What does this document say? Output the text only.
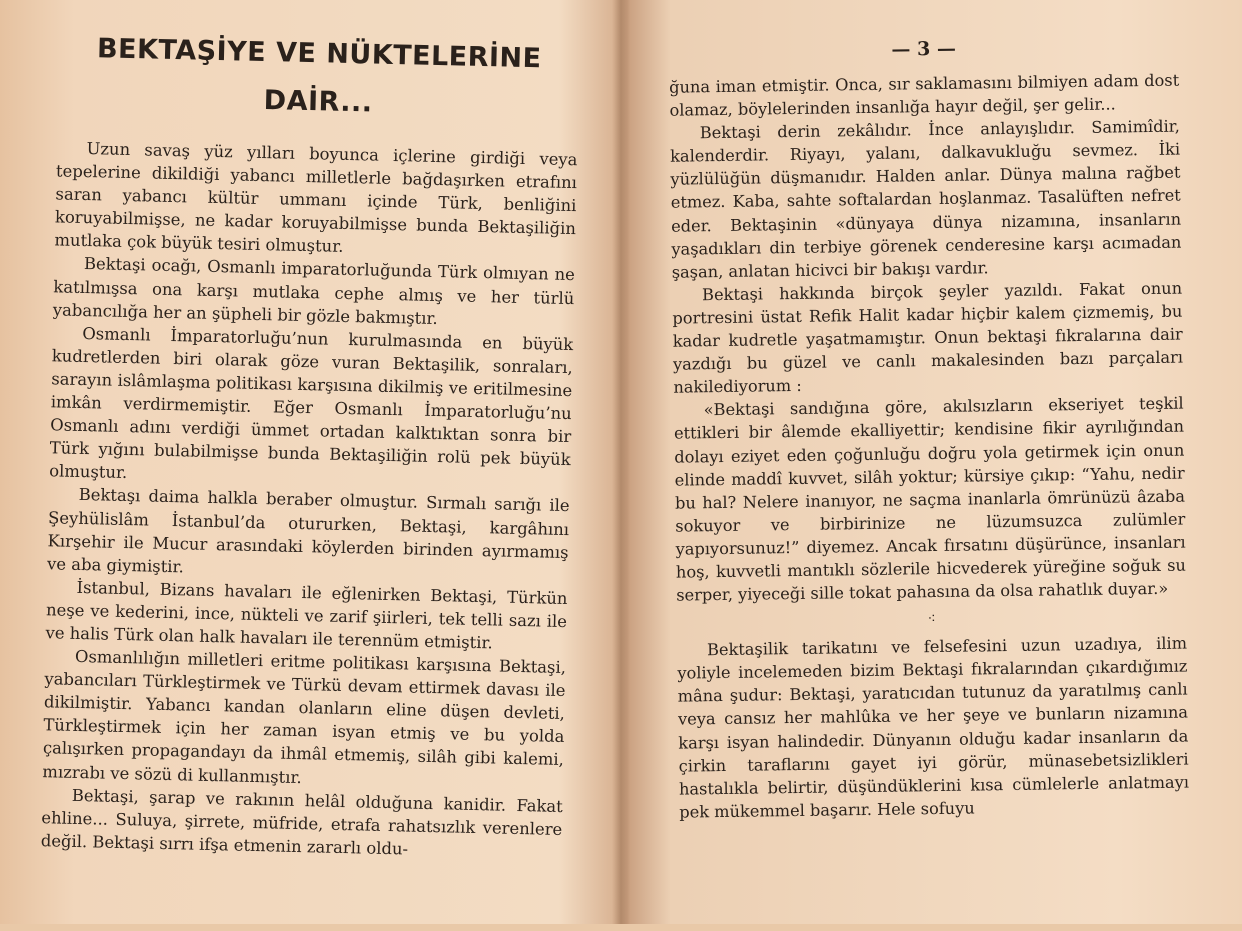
BEKTAŞİYE VE NÜKTELERİNE
DAİR...

Uzun savaş yüz yılları boyunca içlerine girdiği veya tepelerine dikildiği yabancı milletlerle bağdaşırken etrafını saran yabancı kültür ummanı içinde Türk, benliğini koruyabilmişse, ne kadar koruyabilmişse bunda Bektaşiliğin mutlaka çok büyük tesiri olmuştur.

Bektaşi ocağı, Osmanlı imparatorluğunda Türk olmıyan ne katılmışsa ona karşı mutlaka cephe almış ve her türlü yabancılığa her an şüpheli bir gözle bakmıştır.

Osmanlı İmparatorluğu’nun kurulmasında en büyük kudretlerden biri olarak göze vuran Bektaşilik, sonraları, sarayın islâmlaşma politikası karşısına dikilmiş ve eritilmesine imkân verdirmemiştir. Eğer Osmanlı İmparatorluğu’nu Osmanlı adını verdiği ümmet ortadan kalktıktan sonra bir Türk yığını bulabilmişse bunda Bektaşiliğin rolü pek büyük olmuştur.

Bektaşı daima halkla beraber olmuştur. Sırmalı sarığı ile Şeyhülislâm İstanbul’da otururken, Bektaşi, kargâhını Kırşehir ile Mucur arasındaki köylerden birinden ayırmamış ve aba giymiştir.

İstanbul, Bizans havaları ile eğlenirken Bektaşi, Türkün neşe ve kederini, ince, nükteli ve zarif şiirleri, tek telli sazı ile ve halis Türk olan halk havaları ile terennüm etmiştir.

Osmanlılığın milletleri eritme politikası karşısına Bektaşi, yabancıları Türkleştirmek ve Türkü devam ettirmek davası ile dikilmiştir. Yabancı kandan olanların eline düşen devleti, Türkleştirmek için her zaman isyan etmiş ve bu yolda çalışırken propagandayı da ihmâl etmemiş, silâh gibi kalemi, mızrabı ve sözü di kullanmıştır.

Bektaşi, şarap ve rakının helâl olduğuna kanidir. Fakat ehline... Suluya, şirrete, müfride, etrafa rahatsızlık verenlere değil. Bektaşi sırrı ifşa etmenin zararlı oldu-

— 3 —

ğuna iman etmiştir. Onca, sır saklamasını bilmiyen adam dost olamaz, böylelerinden insanlığa hayır değil, şer gelir...

Bektaşi derin zekâlıdır. İnce anlayışlıdır. Samimîdir, kalenderdir. Riyayı, yalanı, dalkavukluğu sevmez. İki yüzlülüğün düşmanıdır. Halden anlar. Dünya malına rağbet etmez. Kaba, sahte softalardan hoşlanmaz. Tasalüften nefret eder. Bektaşinin «dünyaya dünya nizamına, insanların yaşadıkları din terbiye görenek cenderesine karşı acımadan şaşan, anlatan hicivci bir bakışı vardır.

Bektaşi hakkında birçok şeyler yazıldı. Fakat onun portresini üstat Refik Halit kadar hiçbir kalem çizmemiş, bu kadar kudretle yaşatmamıştır. Onun bektaşi fıkralarına dair yazdığı bu güzel ve canlı makalesinden bazı parçaları nakilediyorum :

«Bektaşi sandığına göre, akılsızların ekseriyet teşkil ettikleri bir âlemde ekalliyettir; kendisine fikir ayrılığından dolayı eziyet eden çoğunluğu doğru yola getirmek için onun elinde maddî kuvvet, silâh yoktur; kürsiye çıkıp: “Yahu, nedir bu hal? Nelere inanıyor, ne saçma inanlarla ömrünüzü âzaba sokuyor ve birbirinize ne lüzumsuzca zulümler yapıyorsunuz!” diyemez. Ancak fırsatını düşürünce, insanları hoş, kuvvetli mantıklı sözlerile hicvederek yüreğine soğuk su serper, yiyeceği sille tokat pahasına da olsa rahatlık duyar.»

⁖

Bektaşilik tarikatını ve felsefesini uzun uzadıya, ilim yoliyle incelemeden bizim Bektaşi fıkralarından çıkardığımız mâna şudur: Bektaşi, yaratıcıdan tutunuz da yaratılmış canlı veya cansız her mahlûka ve her şeye ve bunların nizamına karşı isyan halindedir. Dünyanın olduğu kadar insanların da çirkin taraflarını gayet iyi görür, münasebetsizlikleri hastalıkla belirtir, düşündüklerini kısa cümlelerle anlatmayı pek mükemmel başarır. Hele sofuyu
